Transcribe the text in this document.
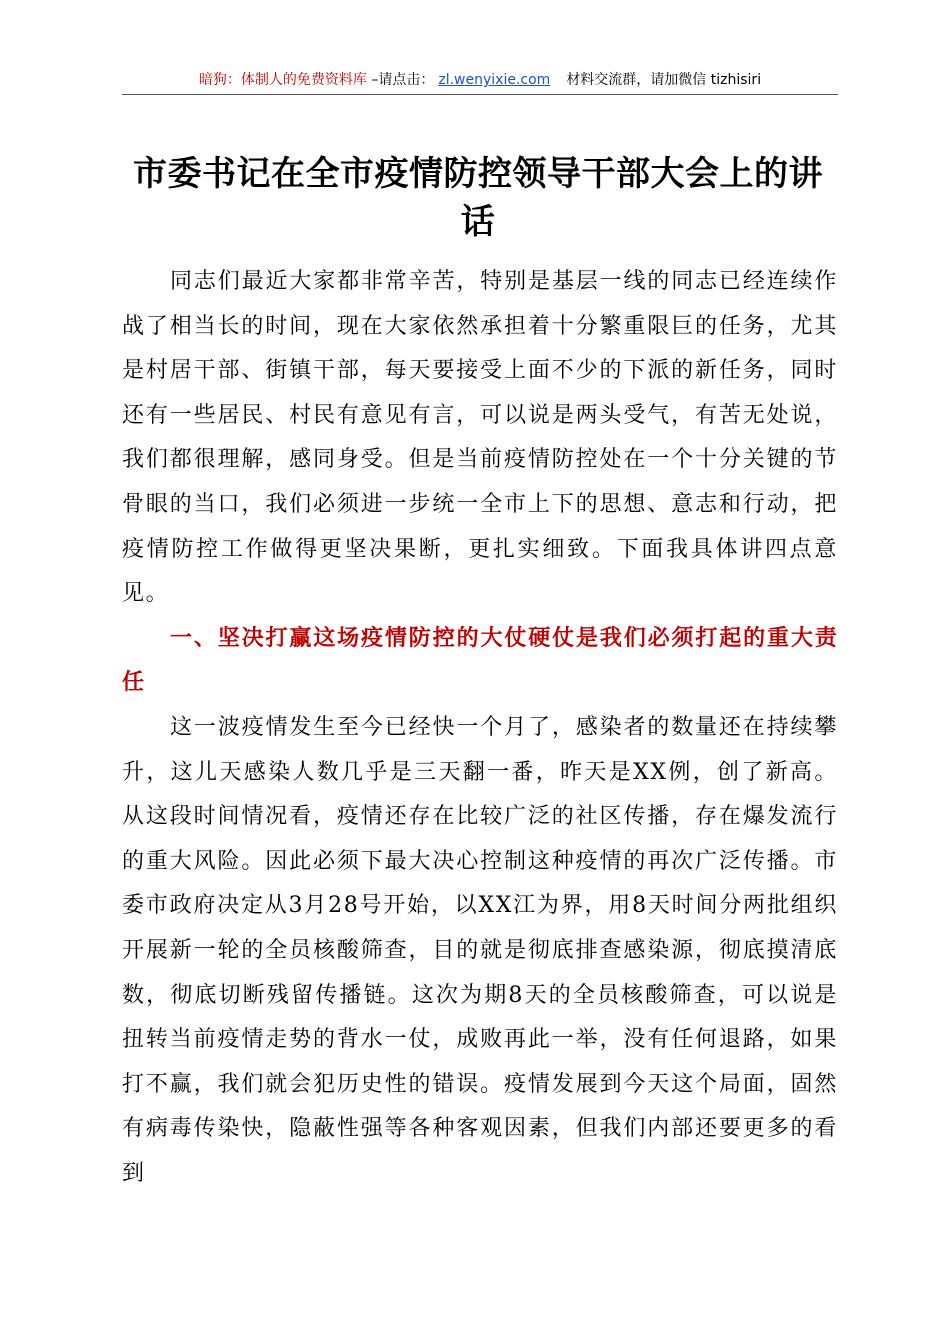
暗狗：体制人的免费资料库 –请点击： zl.wenyixie.com 材料交流群，请加微信 tizhisiri
市委书记在全市疫情防控领导干部大会上的讲话

同志们最近大家都非常辛苦，特别是基层一线的同志已经连续作战了相当长的时间，现在大家依然承担着十分繁重限巨的任务，尤其是村居干部、街镇干部，每天要接受上面不少的下派的新任务，同时还有一些居民、村民有意见有言，可以说是两头受气，有苦无处说，我们都很理解，感同身受。但是当前疫情防控处在一个十分关键的节骨眼的当口，我们必须进一步统一全市上下的思想、意志和行动，把疫情防控工作做得更坚决果断，更扎实细致。下面我具体讲四点意见。

一、坚决打赢这场疫情防控的大仗硬仗是我们必须打起的重大责任

这一波疫情发生至今已经快一个月了，感染者的数量还在持续攀升，这儿天感染人数几乎是三天翻一番，昨天是XX例，创了新高。从这段时间情况看，疫情还存在比较广泛的社区传播，存在爆发流行的重大风险。因此必须下最大决心控制这种疫情的再次广泛传播。市委市政府决定从3月28号开始，以XX江为界，用8天时间分两批组织开展新一轮的全员核酸筛查，目的就是彻底排查感染源，彻底摸清底数，彻底切断残留传播链。这次为期8天的全员核酸筛查，可以说是扭转当前疫情走势的背水一仗，成败再此一举，没有任何退路，如果打不赢，我们就会犯历史性的错误。疫情发展到今天这个局面，固然有病毒传染快，隐蔽性强等各种客观因素，但我们内部还要更多的看到
